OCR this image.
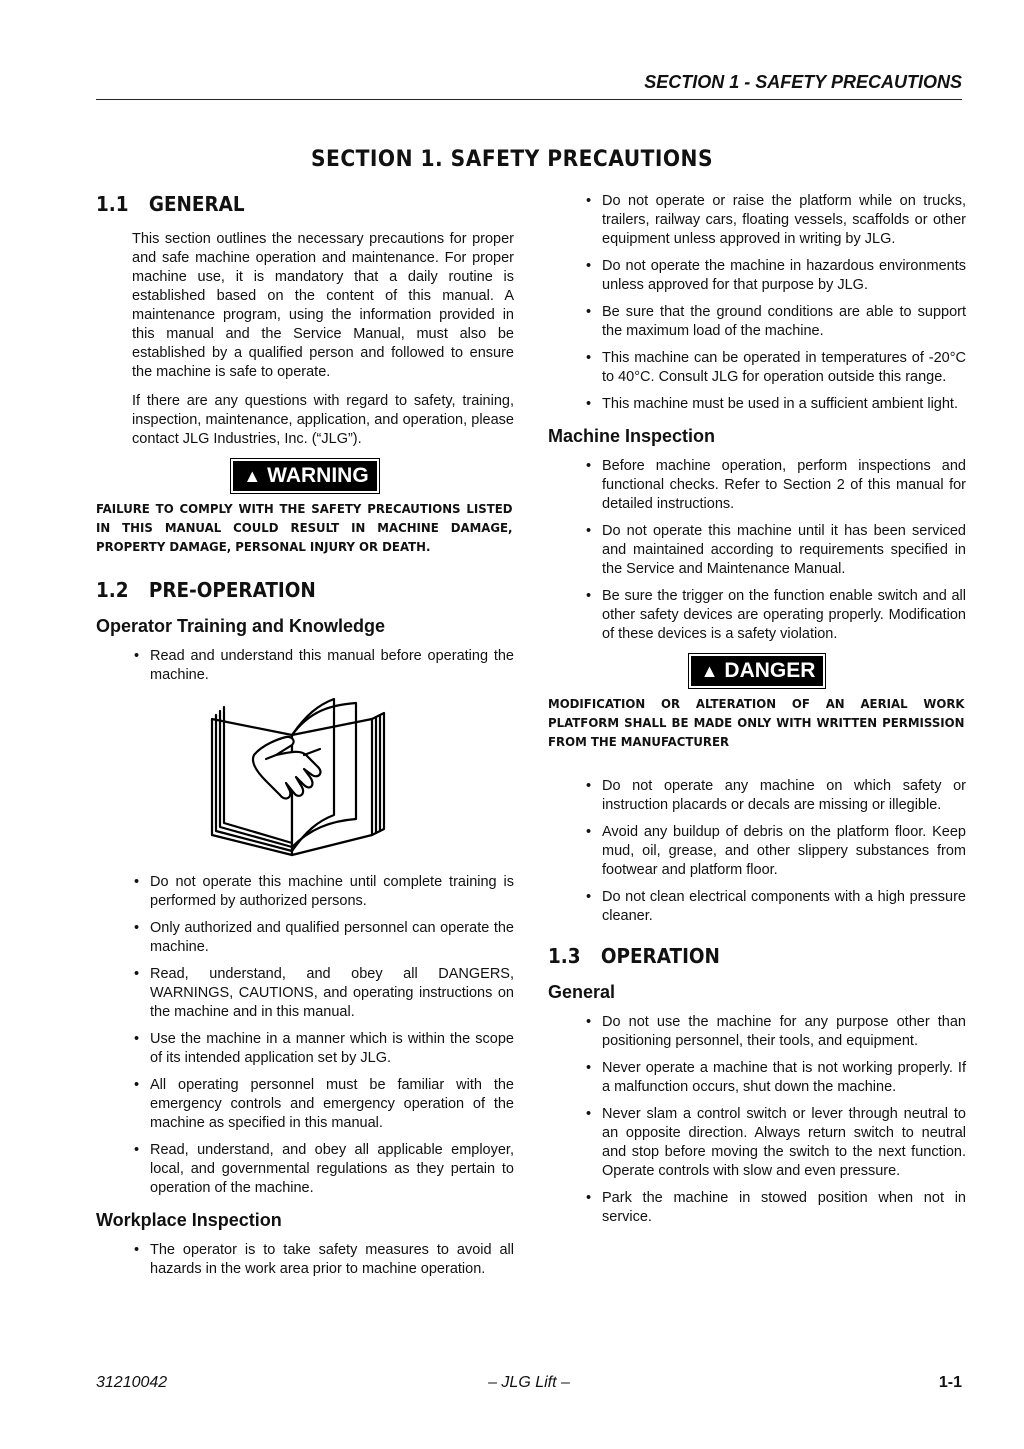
SECTION 1 - SAFETY PRECAUTIONS
SECTION 1. SAFETY PRECAUTIONS
1.1 GENERAL

This section outlines the necessary precautions for proper and safe machine operation and maintenance. For proper machine use, it is mandatory that a daily routine is established based on the content of this manual. A maintenance program, using the information provided in this manual and the Service Manual, must also be established by a qualified person and followed to ensure the machine is safe to operate.

If there are any questions with regard to safety, training, inspection, maintenance, application, and operation, please contact JLG Industries, Inc. (“JLG”).

▲ WARNING

FAILURE TO COMPLY WITH THE SAFETY PRECAUTIONS LISTED IN THIS MANUAL COULD RESULT IN MACHINE DAMAGE, PROPERTY DAMAGE, PERSONAL INJURY OR DEATH.

1.2 PRE-OPERATION
Operator Training and Knowledge
• Read and understand this manual before operating the machine.
• Do not operate this machine until complete training is performed by authorized persons.
• Only authorized and qualified personnel can operate the machine.
• Read, understand, and obey all DANGERS, WARNINGS, CAUTIONS, and operating instructions on the machine and in this manual.
• Use the machine in a manner which is within the scope of its intended application set by JLG.
• All operating personnel must be familiar with the emergency controls and emergency operation of the machine as specified in this manual.
• Read, understand, and obey all applicable employer, local, and governmental regulations as they pertain to operation of the machine.
Workplace Inspection
• The operator is to take safety measures to avoid all hazards in the work area prior to machine operation.
• Do not operate or raise the platform while on trucks, trailers, railway cars, floating vessels, scaffolds or other equipment unless approved in writing by JLG.
• Do not operate the machine in hazardous environments unless approved for that purpose by JLG.
• Be sure that the ground conditions are able to support the maximum load of the machine.
• This machine can be operated in temperatures of -20°C to 40°C. Consult JLG for operation outside this range.
• This machine must be used in a sufficient ambient light.
Machine Inspection
• Before machine operation, perform inspections and functional checks. Refer to Section 2 of this manual for detailed instructions.
• Do not operate this machine until it has been serviced and maintained according to requirements specified in the Service and Maintenance Manual.
• Be sure the trigger on the function enable switch and all other safety devices are operating properly. Modification of these devices is a safety violation.
▲ DANGER

MODIFICATION OR ALTERATION OF AN AERIAL WORK PLATFORM SHALL BE MADE ONLY WITH WRITTEN PERMISSION FROM THE MANUFACTURER

• Do not operate any machine on which safety or instruction placards or decals are missing or illegible.
• Avoid any buildup of debris on the platform floor. Keep mud, oil, grease, and other slippery substances from footwear and platform floor.
• Do not clean electrical components with a high pressure cleaner.
1.3 OPERATION
General
• Do not use the machine for any purpose other than positioning personnel, their tools, and equipment.
• Never operate a machine that is not working properly. If a malfunction occurs, shut down the machine.
• Never slam a control switch or lever through neutral to an opposite direction. Always return switch to neutral and stop before moving the switch to the next function. Operate controls with slow and even pressure.
• Park the machine in stowed position when not in service.
31210042	– JLG Lift –	1-1
